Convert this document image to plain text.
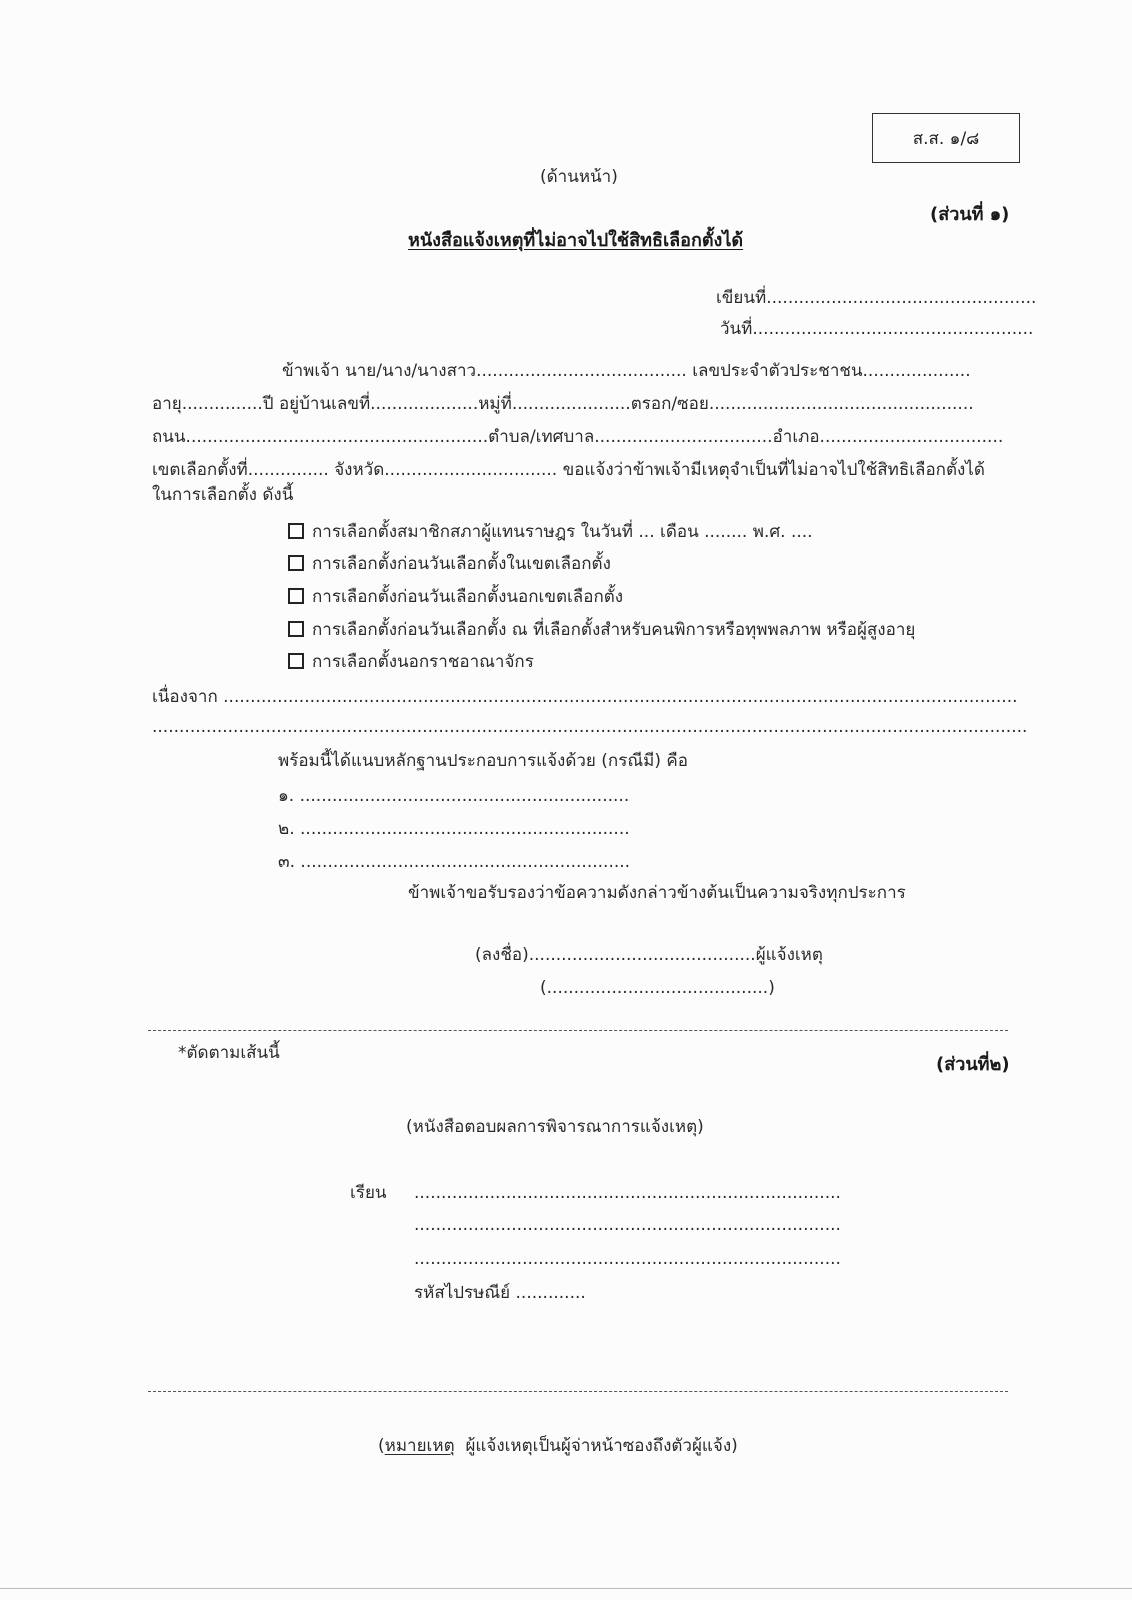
ส.ส. ๑/๘
(ด้านหน้า)
(ส่วนที่ ๑)
หนังสือแจ้งเหตุที่ไม่อาจไปใช้สิทธิเลือกตั้งได้
เขียนที่..................................................
วันที่....................................................
ข้าพเจ้า นาย/นาง/นางสาว....................................... เลขประจำตัวประชาชน....................
อายุ...............ปี อยู่บ้านเลขที่....................หมู่ที่......................ตรอก/ซอย.................................................
ถนน........................................................ตำบล/เทศบาล.................................อำเภอ..................................
เขตเลือกตั้งที่............... จังหวัด................................ ขอแจ้งว่าข้าพเจ้ามีเหตุจำเป็นที่ไม่อาจไปใช้สิทธิเลือกตั้งได้
ในการเลือกตั้ง ดังนี้
การเลือกตั้งสมาชิกสภาผู้แทนราษฎร ในวันที่ ... เดือน ........ พ.ศ. ....
การเลือกตั้งก่อนวันเลือกตั้งในเขตเลือกตั้ง
การเลือกตั้งก่อนวันเลือกตั้งนอกเขตเลือกตั้ง
การเลือกตั้งก่อนวันเลือกตั้ง ณ ที่เลือกตั้งสำหรับคนพิการหรือทุพพลภาพ หรือผู้สูงอายุ
การเลือกตั้งนอกราชอาณาจักร
เนื่องจาก ...................................................................................................................................................
..................................................................................................................................................................
พร้อมนี้ได้แนบหลักฐานประกอบการแจ้งด้วย (กรณีมี) คือ
๑. .............................................................
๒. .............................................................
๓. .............................................................
ข้าพเจ้าขอรับรองว่าข้อความดังกล่าวข้างต้นเป็นความจริงทุกประการ
(ลงชื่อ)..........................................ผู้แจ้งเหตุ
(.........................................)
*ตัดตามเส้นนี้
(ส่วนที่๒)
(หนังสือตอบผลการพิจารณาการแจ้งเหตุ)
เรียน ...............................................................................
...............................................................................
...............................................................................
รหัสไปรษณีย์ .............
(หมายเหตุ ผู้แจ้งเหตุเป็นผู้จ่าหน้าซองถึงตัวผู้แจ้ง)
